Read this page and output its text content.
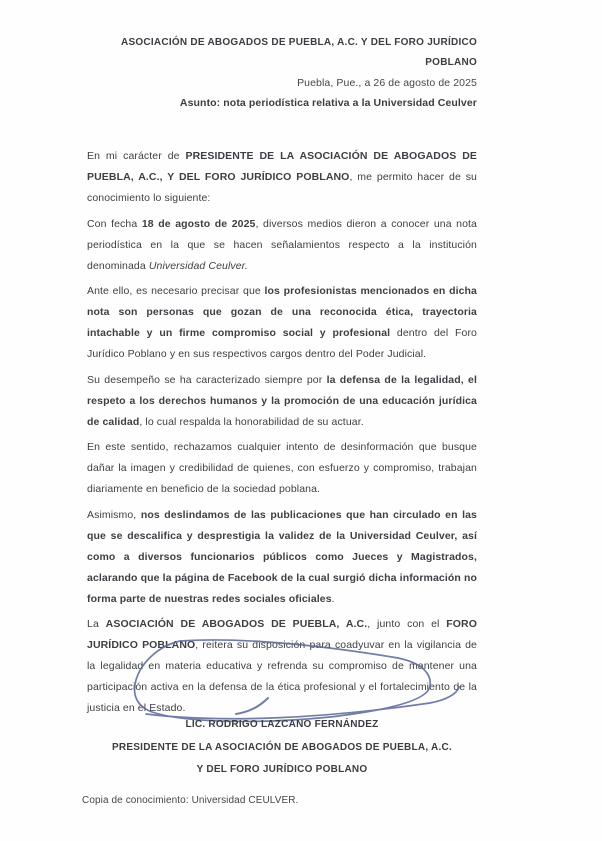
ASOCIACIÓN DE ABOGADOS DE PUEBLA, A.C. Y DEL FORO JURÍDICO
POBLANO
Puebla, Pue., a 26 de agosto de 2025
Asunto: nota periodística relativa a la Universidad Ceulver

En mi carácter de PRESIDENTE DE LA ASOCIACIÓN DE ABOGADOS DE PUEBLA, A.C., Y DEL FORO JURÍDICO POBLANO, me permito hacer de su conocimiento lo siguiente:

Con fecha 18 de agosto de 2025, diversos medios dieron a conocer una nota periodística en la que se hacen señalamientos respecto a la institución denominada Universidad Ceulver.

Ante ello, es necesario precisar que los profesionistas mencionados en dicha nota son personas que gozan de una reconocida ética, trayectoria intachable y un firme compromiso social y profesional dentro del Foro Jurídico Poblano y en sus respectivos cargos dentro del Poder Judicial.

Su desempeño se ha caracterizado siempre por la defensa de la legalidad, el respeto a los derechos humanos y la promoción de una educación jurídica de calidad, lo cual respalda la honorabilidad de su actuar.

En este sentido, rechazamos cualquier intento de desinformación que busque dañar la imagen y credibilidad de quienes, con esfuerzo y compromiso, trabajan diariamente en beneficio de la sociedad poblana.

Asimismo, nos deslindamos de las publicaciones que han circulado en las que se descalifica y desprestigia la validez de la Universidad Ceulver, así como a diversos funcionarios públicos como Jueces y Magistrados, aclarando que la página de Facebook de la cual surgió dicha información no forma parte de nuestras redes sociales oficiales.

La ASOCIACIÓN DE ABOGADOS DE PUEBLA, A.C., junto con el FORO JURÍDICO POBLANO, reitera su disposición para coadyuvar en la vigilancia de la legalidad en materia educativa y refrenda su compromiso de mantener una participación activa en la defensa de la ética profesional y el fortalecimiento de la justicia en el Estado.

LIC. RODRIGO LAZCANO FERNÁNDEZ
PRESIDENTE DE LA ASOCIACIÓN DE ABOGADOS DE PUEBLA, A.C.
Y DEL FORO JURÍDICO POBLANO
Copia de conocimiento: Universidad CEULVER.
